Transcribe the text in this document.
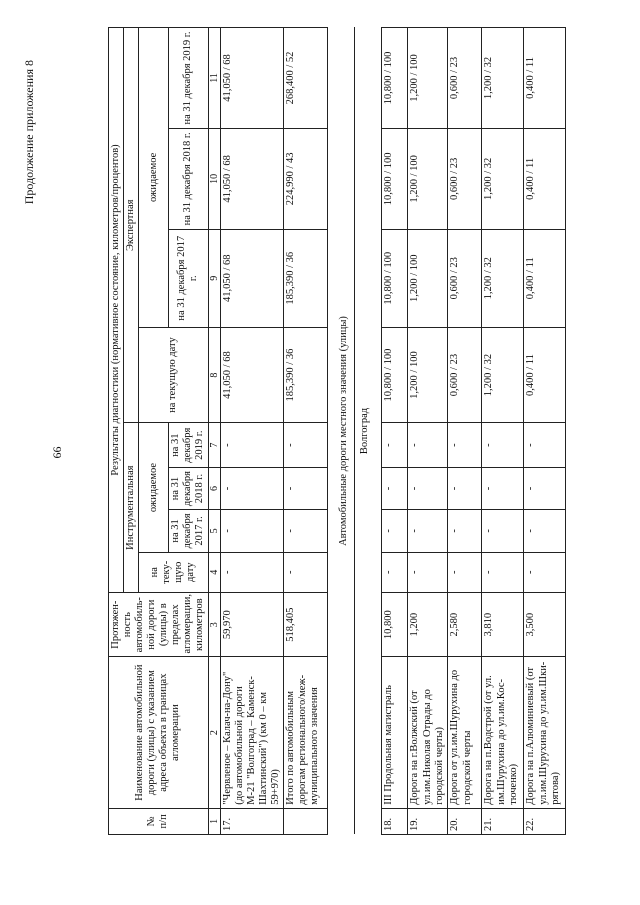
66
Продолжение приложения 8
№ п/п	Наименование автомобильной дороги (улицы) с указанием адреса объекта в границах агломерации	Протяжен-ность автомобиль-ной дороги (улицы) в пределах агломерации, километров	Результаты диагностики (нормативное состояние, километров/процентов)							
			Инструментальная				Экспертная			
			на теку-щую дату	ожидаемое			на текущую дату	ожидаемое		
				на 31 декабря 2017 г.	на 31 декабря 2018 г.	на 31 декабря 2019 г.		на 31 декабря 2017 г.	на 31 декабря 2018 г.	на 31 декабря 2019 г.
1	2	3	4	5	6	7	8	9	10	11
17.	"Червленое – Калач-на-Дону" (до автомобильной дороги М-21 "Волгоград – Каменск-Шахтинский") (км 0 – км 59+970)	59,970	-	-	-	-	41,050 / 68	41,050 / 68	41,050 / 68	41,050 / 68
	Итого по автомобильным дорогам регионального/меж-муниципального значения	518,405	-	-	-	-	185,390 / 36	185,390 / 36	224,990 / 43	268,400 / 52
Автомобильные дороги местного значения (улицы)										
Волгоград										
18.	III Продольная магистраль	10,800	-	-	-	-	10,800 / 100	10,800 / 100	10,800 / 100	10,800 / 100
19.	Дорога на г.Волжский (от ул.им.Николая Отрады до городской черты)	1,200	-	-	-	-	1,200 / 100	1,200 / 100	1,200 / 100	1,200 / 100
20.	Дорога от ул.им.Шурухина до городской черты	2,580	-	-	-	-	0,600 / 23	0,600 / 23	0,600 / 23	0,600 / 23
21.	Дорога на п.Водстрой (от ул. им.Шурухина до ул.им.Кос-тюченко)	3,810	-	-	-	-	1,200 / 32	1,200 / 32	1,200 / 32	1,200 / 32
22.	Дорога на п.Алюминиевый (от ул.им.Шурухина до ул.им.Шки-рятова)	3,500	-	-	-	-	0,400 / 11	0,400 / 11	0,400 / 11	0,400 / 11
